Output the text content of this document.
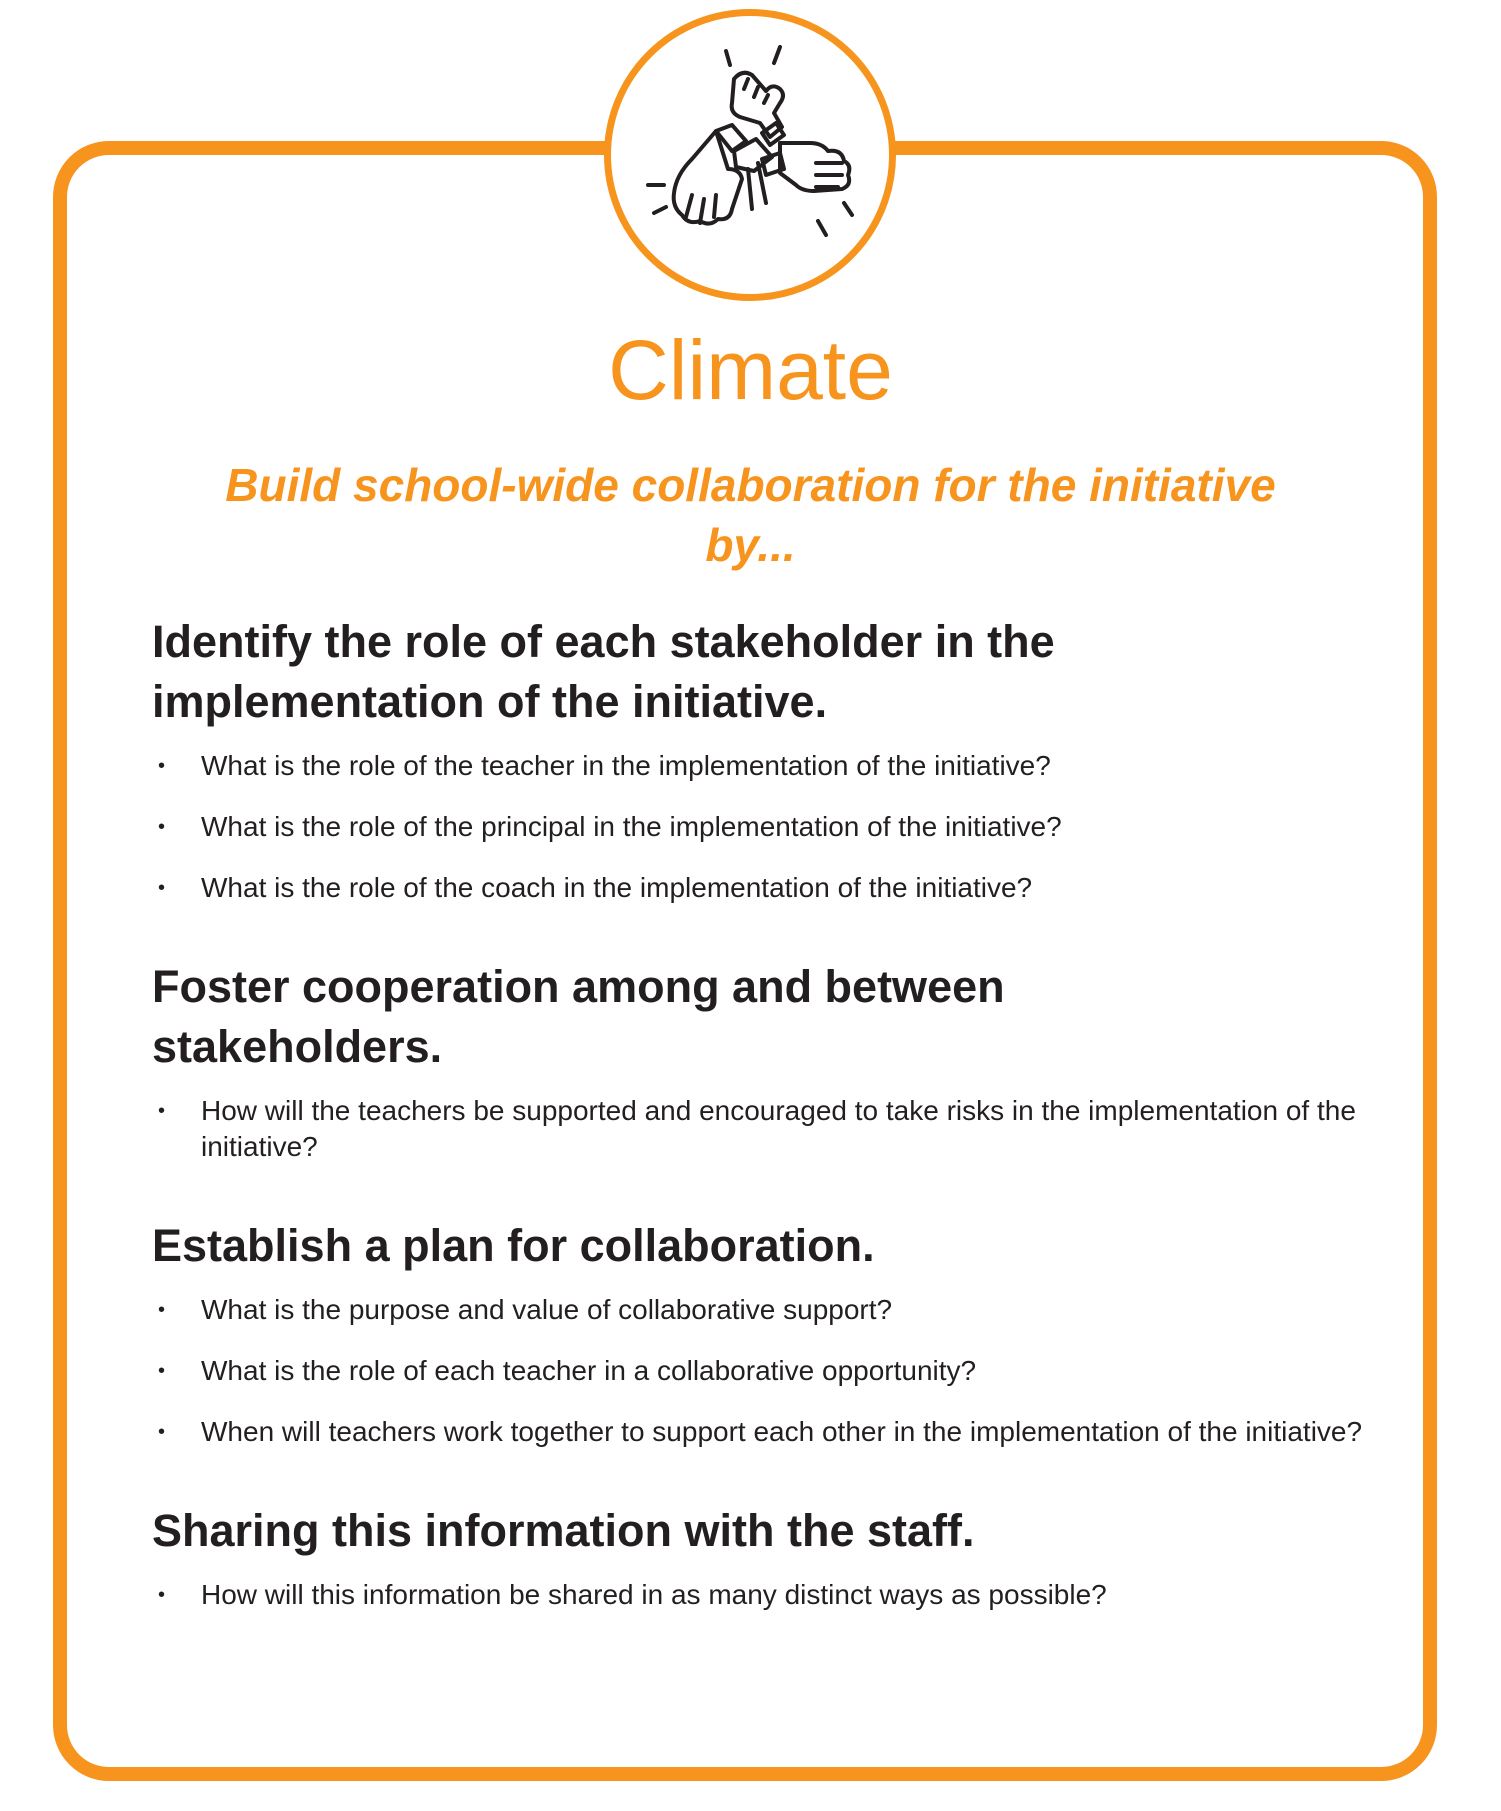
Climate

Build school-wide collaboration for the initiative by...

Identify the role of each stakeholder in the implementation of the initiative.
• What is the role of the teacher in the implementation of the initiative?
• What is the role of the principal in the implementation of the initiative?
• What is the role of the coach in the implementation of the initiative?
Foster cooperation among and between stakeholders.
• How will the teachers be supported and encouraged to take risks in the implementation of the initiative?
Establish a plan for collaboration.
• What is the purpose and value of collaborative support?
• What is the role of each teacher in a collaborative opportunity?
• When will teachers work together to support each other in the implementation of the initiative?
Sharing this information with the staff.
• How will this information be shared in as many distinct ways as possible?
